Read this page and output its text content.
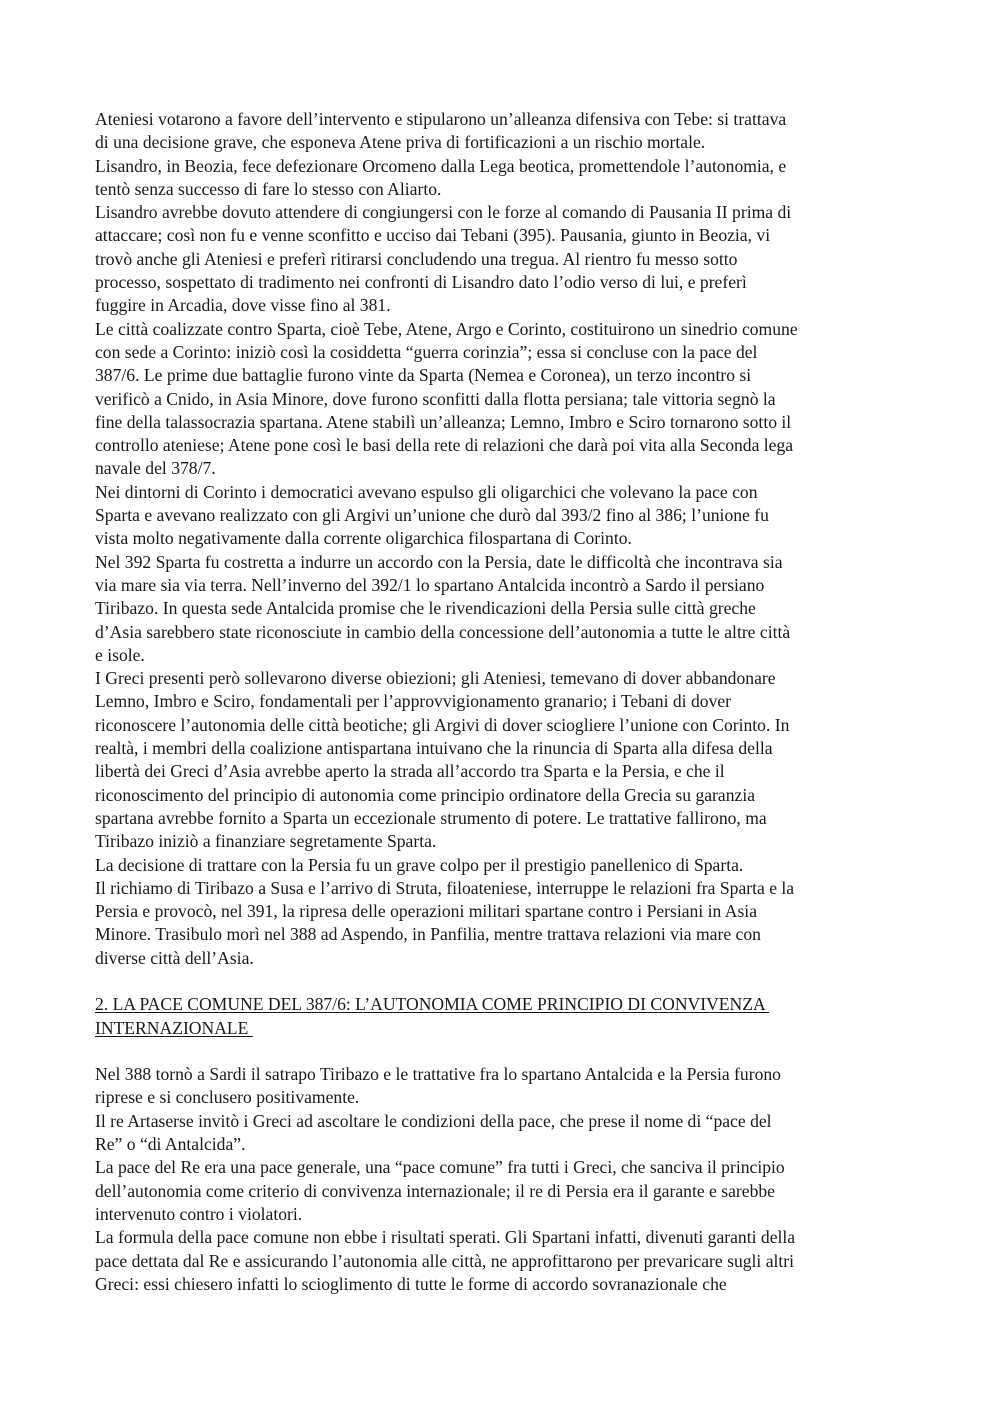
Ateniesi votarono a favore dell’intervento e stipularono un’alleanza difensiva con Tebe: si trattava
di una decisione grave, che esponeva Atene priva di fortificazioni a un rischio mortale.
Lisandro, in Beozia, fece defezionare Orcomeno dalla Lega beotica, promettendole l’autonomia, e
tentò senza successo di fare lo stesso con Aliarto.
Lisandro avrebbe dovuto attendere di congiungersi con le forze al comando di Pausania II prima di
attaccare; così non fu e venne sconfitto e ucciso dai Tebani (395). Pausania, giunto in Beozia, vi
trovò anche gli Ateniesi e preferì ritirarsi concludendo una tregua. Al rientro fu messo sotto
processo, sospettato di tradimento nei confronti di Lisandro dato l’odio verso di lui, e preferì
fuggire in Arcadia, dove visse fino al 381.
Le città coalizzate contro Sparta, cioè Tebe, Atene, Argo e Corinto, costituirono un sinedrio comune
con sede a Corinto: iniziò così la cosiddetta “guerra corinzia”; essa si concluse con la pace del
387/6. Le prime due battaglie furono vinte da Sparta (Nemea e Coronea), un terzo incontro si
verificò a Cnido, in Asia Minore, dove furono sconfitti dalla flotta persiana; tale vittoria segnò la
fine della talassocrazia spartana. Atene stabilì un’alleanza; Lemno, Imbro e Sciro tornarono sotto il
controllo ateniese; Atene pone così le basi della rete di relazioni che darà poi vita alla Seconda lega
navale del 378/7.
Nei dintorni di Corinto i democratici avevano espulso gli oligarchici che volevano la pace con
Sparta e avevano realizzato con gli Argivi un’unione che durò dal 393/2 fino al 386; l’unione fu
vista molto negativamente dalla corrente oligarchica filospartana di Corinto.
Nel 392 Sparta fu costretta a indurre un accordo con la Persia, date le difficoltà che incontrava sia
via mare sia via terra. Nell’inverno del 392/1 lo spartano Antalcida incontrò a Sardo il persiano
Tiribazo. In questa sede Antalcida promise che le rivendicazioni della Persia sulle città greche
d’Asia sarebbero state riconosciute in cambio della concessione dell’autonomia a tutte le altre città
e isole.
I Greci presenti però sollevarono diverse obiezioni; gli Ateniesi, temevano di dover abbandonare
Lemno, Imbro e Sciro, fondamentali per l’approvvigionamento granario; i Tebani di dover
riconoscere l’autonomia delle città beotiche; gli Argivi di dover sciogliere l’unione con Corinto. In
realtà, i membri della coalizione antispartana intuivano che la rinuncia di Sparta alla difesa della
libertà dei Greci d’Asia avrebbe aperto la strada all’accordo tra Sparta e la Persia, e che il
riconoscimento del principio di autonomia come principio ordinatore della Grecia su garanzia
spartana avrebbe fornito a Sparta un eccezionale strumento di potere. Le trattative fallirono, ma
Tiribazo iniziò a finanziare segretamente Sparta.
La decisione di trattare con la Persia fu un grave colpo per il prestigio panellenico di Sparta.
Il richiamo di Tiribazo a Susa e l’arrivo di Struta, filoateniese, interruppe le relazioni fra Sparta e la
Persia e provocò, nel 391, la ripresa delle operazioni militari spartane contro i Persiani in Asia
Minore. Trasibulo morì nel 388 ad Aspendo, in Panfilia, mentre trattava relazioni via mare con
diverse città dell’Asia.
2. LA PACE COMUNE DEL 387/6: L’AUTONOMIA COME PRINCIPIO DI CONVIVENZA
INTERNAZIONALE
Nel 388 tornò a Sardi il satrapo Tiribazo e le trattative fra lo spartano Antalcida e la Persia furono
riprese e si conclusero positivamente.
Il re Artaserse invitò i Greci ad ascoltare le condizioni della pace, che prese il nome di “pace del
Re” o “di Antalcida”.
La pace del Re era una pace generale, una “pace comune” fra tutti i Greci, che sanciva il principio
dell’autonomia come criterio di convivenza internazionale; il re di Persia era il garante e sarebbe
intervenuto contro i violatori.
La formula della pace comune non ebbe i risultati sperati. Gli Spartani infatti, divenuti garanti della
pace dettata dal Re e assicurando l’autonomia alle città, ne approfittarono per prevaricare sugli altri
Greci: essi chiesero infatti lo scioglimento di tutte le forme di accordo sovranazionale che
